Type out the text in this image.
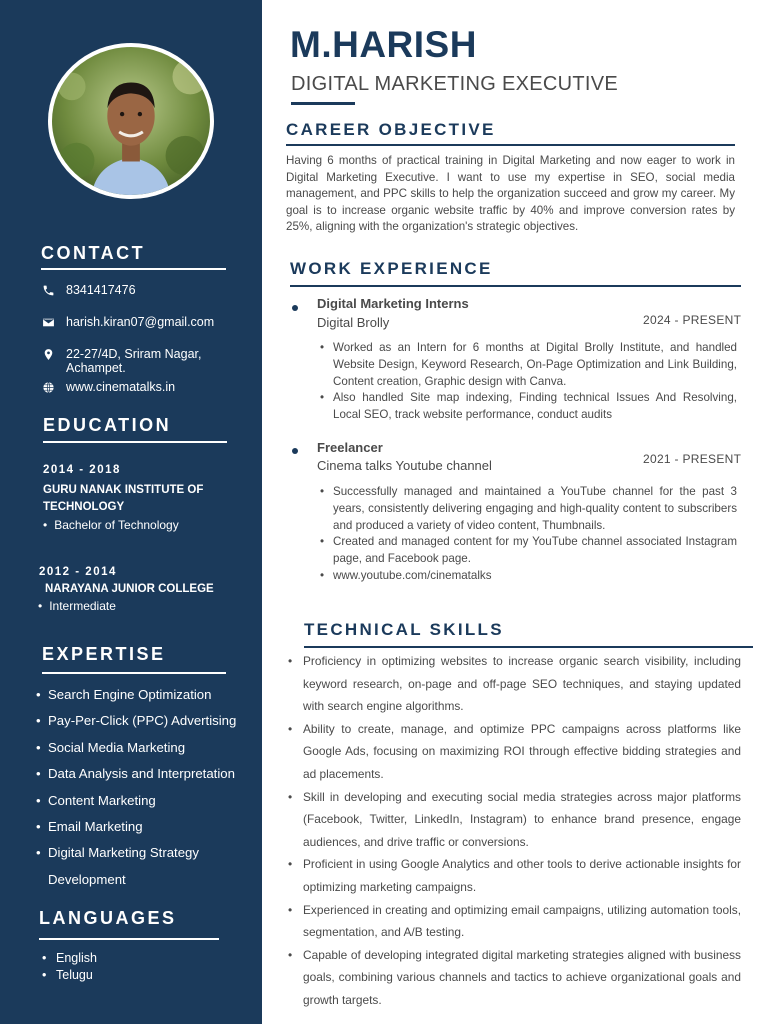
CONTACT
8341417476
harish.kiran07@gmail.com
22-27/4D, Sriram Nagar, Achampet.
www.cinematalks.in
EDUCATION
2014 - 2018
GURU NANAK INSTITUTE OF TECHNOLOGY
• Bachelor of Technology
2012 - 2014
NARAYANA JUNIOR COLLEGE
• Intermediate
EXPERTISE
• Search Engine Optimization
• Pay-Per-Click (PPC) Advertising
• Social Media Marketing
• Data Analysis and Interpretation
• Content Marketing
• Email Marketing
• Digital Marketing Strategy Development
LANGUAGES
• English
• Telugu
M.HARISH
DIGITAL MARKETING EXECUTIVE
CAREER OBJECTIVE
Having 6 months of practical training in Digital Marketing and now eager to work in Digital Marketing Executive. I want to use my expertise in SEO, social media management, and PPC skills to help the organization succeed and grow my career. My goal is to increase organic website traffic by 40% and improve conversion rates by 25%, aligning with the organization's strategic objectives.
WORK EXPERIENCE
Digital Marketing Interns
Digital Brolly	2024 - PRESENT
• Worked as an Intern for 6 months at Digital Brolly Institute, and handled Website Design, Keyword Research, On-Page Optimization and Link Building, Content creation, Graphic design with Canva.
• Also handled Site map indexing, Finding technical Issues And Resolving, Local SEO, track website performance, conduct audits
Freelancer
Cinema talks Youtube channel	2021 - PRESENT
• Successfully managed and maintained a YouTube channel for the past 3 years, consistently delivering engaging and high-quality content to subscribers and produced a variety of video content, Thumbnails.
• Created and managed content for my YouTube channel associated Instagram page, and Facebook page.
• www.youtube.com/cinematalks
TECHNICAL SKILLS
• Proficiency in optimizing websites to increase organic search visibility, including keyword research, on-page and off-page SEO techniques, and staying updated with search engine algorithms.
• Ability to create, manage, and optimize PPC campaigns across platforms like Google Ads, focusing on maximizing ROI through effective bidding strategies and ad placements.
• Skill in developing and executing social media strategies across major platforms (Facebook, Twitter, LinkedIn, Instagram) to enhance brand presence, engage audiences, and drive traffic or conversions.
• Proficient in using Google Analytics and other tools to derive actionable insights for optimizing marketing campaigns.
• Experienced in creating and optimizing email campaigns, utilizing automation tools, segmentation, and A/B testing.
• Capable of developing integrated digital marketing strategies aligned with business goals, combining various channels and tactics to achieve organizational goals and growth targets.
